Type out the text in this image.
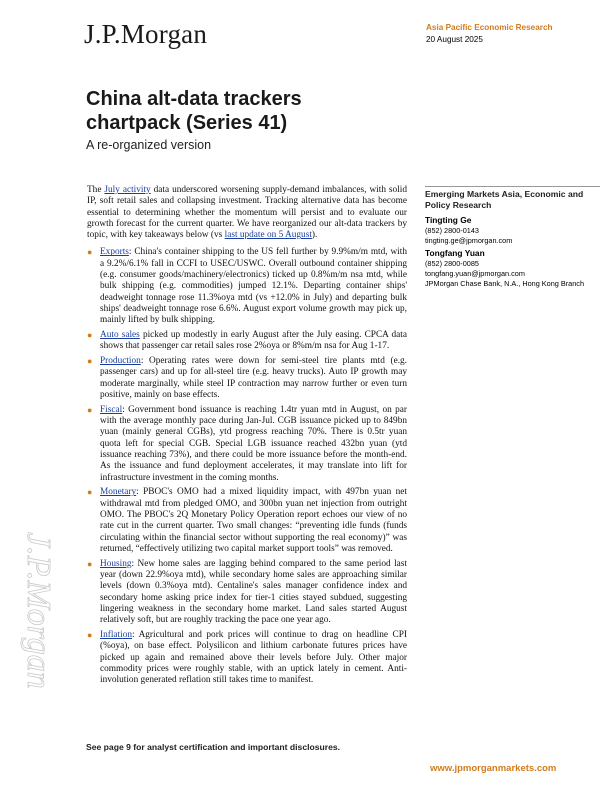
J.P.Morgan	Asia Pacific Economic Research
20 August 2025
China alt-data trackers chartpack (Series 41)
A re-organized version
J.P.Morgan

The July activity data underscored worsening supply-demand imbalances, with solid IP, soft retail sales and collapsing investment. Tracking alternative data has become essential to determining whether the momentum will persist and to evaluate our growth forecast for the current quarter. We have reorganized our alt-data trackers by topic, with key takeaways below (vs last update on 5 August).

● Exports: China's container shipping to the US fell further by 9.9%m/m mtd, with a 9.2%/6.1% fall in CCFI to USEC/USWC. Overall outbound container shipping (e.g. consumer goods/machinery/electronics) ticked up 0.8%m/m nsa mtd, while bulk shipping (e.g. commodities) jumped 12.1%. Departing container ships' deadweight tonnage rose 11.3%oya mtd (vs +12.0% in July) and departing bulk ships' deadweight tonnage rose 6.6%. August export volume growth may pick up, mainly lifted by bulk shipping.
● Auto sales picked up modestly in early August after the July easing. CPCA data shows that passenger car retail sales rose 2%oya or 8%m/m nsa for Aug 1-17.
● Production: Operating rates were down for semi-steel tire plants mtd (e.g. passenger cars) and up for all-steel tire (e.g. heavy trucks). Auto IP growth may moderate marginally, while steel IP contraction may narrow further or even turn positive, mainly on base effects.
● Fiscal: Government bond issuance is reaching 1.4tr yuan mtd in August, on par with the average monthly pace during Jan-Jul. CGB issuance picked up to 849bn yuan (mainly general CGBs), ytd progress reaching 70%. There is 0.5tr yuan quota left for special CGB. Special LGB issuance reached 432bn yuan (ytd issuance reaching 73%), and there could be more issuance before the month-end. As the issuance and fund deployment accelerates, it may translate into lift for infrastructure investment in the coming months.
● Monetary: PBOC's OMO had a mixed liquidity impact, with 497bn yuan net withdrawal mtd from pledged OMO, and 300bn yuan net injection from outright OMO. The PBOC's 2Q Monetary Policy Operation report echoes our view of no rate cut in the current quarter. Two small changes: “preventing idle funds (funds circulating within the financial sector without supporting the real economy)” was returned, “effectively utilizing two capital market support tools” was removed.
● Housing: New home sales are lagging behind compared to the same period last year (down 22.9%oya mtd), while secondary home sales are approaching similar levels (down 0.3%oya mtd). Centaline's sales manager confidence index and secondary home asking price index for tier-1 cities stayed subdued, suggesting lingering weakness in the secondary home market. Land sales started August relatively soft, but are roughly tracking the pace one year ago.
● Inflation: Agricultural and pork prices will continue to drag on headline CPI (%oya), on base effect. Polysilicon and lithium carbonate futures prices have picked up again and remained above their levels before July. Other major commodity prices were roughly stable, with an uptick lately in cement. Anti-involution generated reflation still takes time to manifest.
Emerging Markets Asia, Economic and Policy Research
Tingting Ge
(852) 2800-0143
tingting.ge@jpmorgan.com
Tongfang Yuan
(852) 2800-0085
tongfang.yuan@jpmorgan.com
JPMorgan Chase Bank, N.A., Hong Kong Branch
See page 9 for analyst certification and important disclosures.
www.jpmorganmarkets.com
